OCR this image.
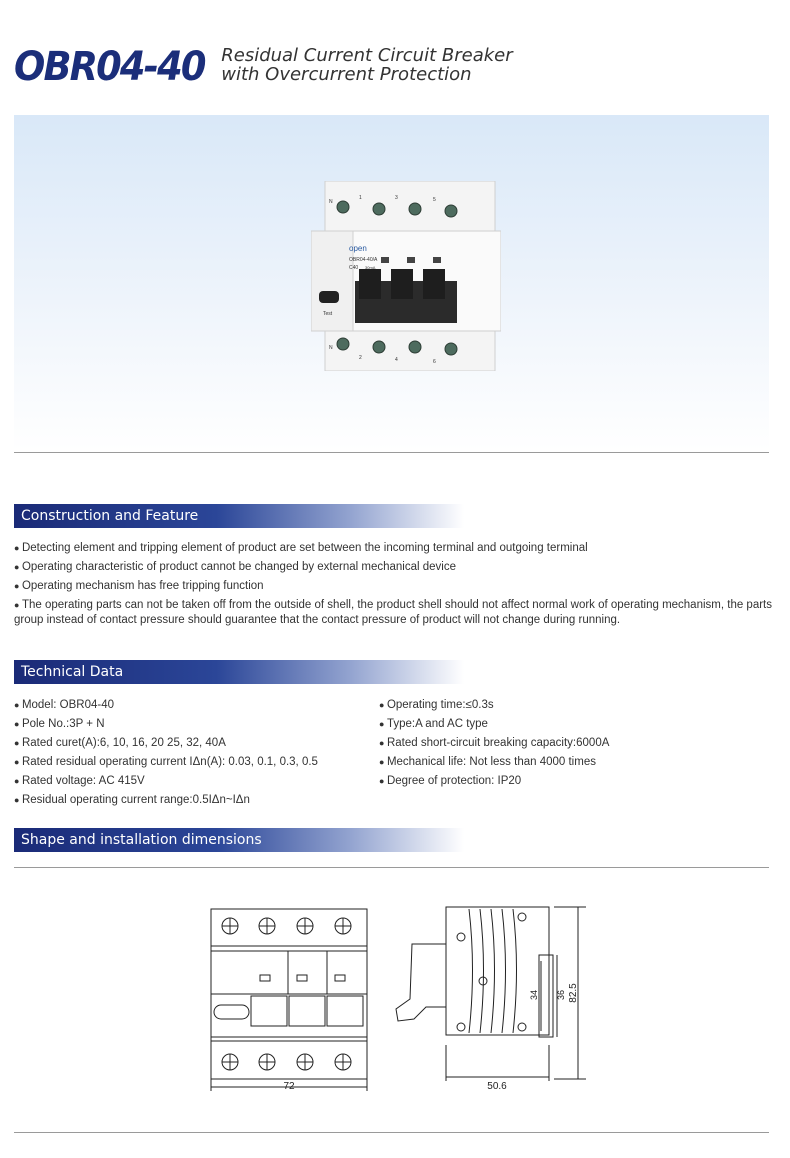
OBR04-40 Residual Current Circuit Breaker
with Overcurrent Protection
open
OBR04-40/A
C40 30mA
Test
N
1	3	5
N
2	4	6
Construction and Feature
● Detecting element and tripping element of product are set between the incoming terminal and outgoing terminal
● Operating characteristic of product cannot be changed by external mechanical device
● Operating mechanism has free tripping function
● The operating parts can not be taken off from the outside of shell, the product shell should not affect normal work of operating mechanism, the parts group instead of contact pressure should guarantee that the contact pressure of product will not change during running.
Technical Data
● Model: OBR04-40
● Pole No.:3P + N
● Rated curet(A):6, 10, 16, 20 25, 32, 40A
● Rated residual operating current IΔn(A): 0.03, 0.1, 0.3, 0.5
● Rated voltage: AC 415V
● Residual operating current range:0.5IΔn~IΔn
● Operating time:≤0.3s
● Type:A and AC type
● Rated short-circuit breaking capacity:6000A
● Mechanical life: Not less than 4000 times
● Degree of protection: IP20
Shape and installation dimensions
72	50.6
82.5
34 36
